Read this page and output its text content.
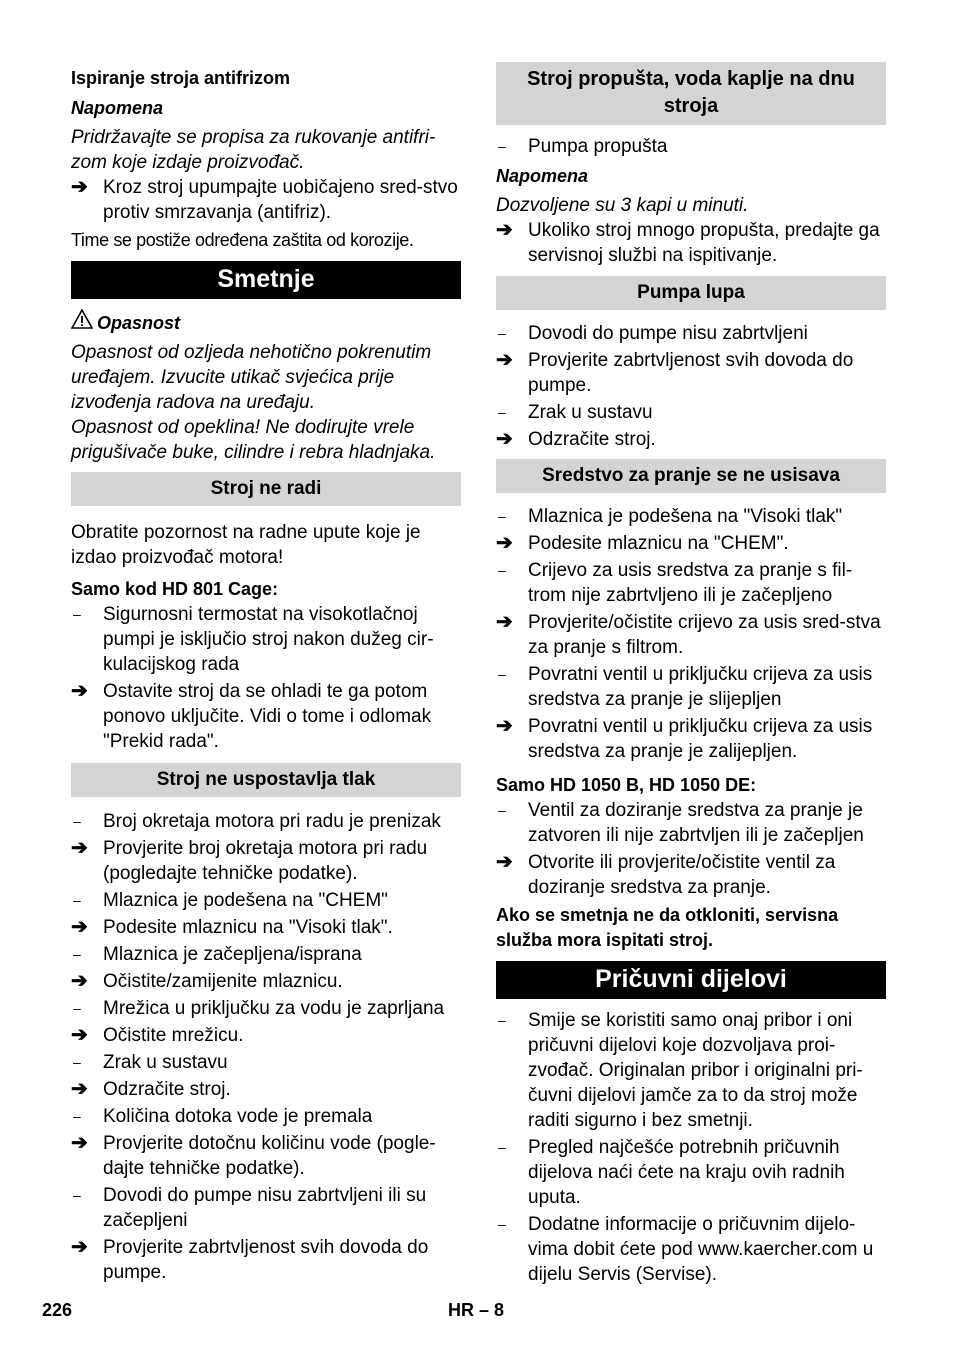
Ispiranje stroja antifrizom

Napomena

Pridržavajte se propisa za rukovanje antifri-zom koje izdaje proizvođač.

➔ Kroz stroj upumpajte uobičajeno sred-stvo protiv smrzavanja (antifriz).

Time se postiže određena zaštita od korozije.

Smetnje

Opasnost

Opasnost od ozljeda nehotično pokrenutim uređajem. Izvucite utikač svjećica prije izvođenja radova na uređaju.

Opasnost od opeklina! Ne dodirujte vrele prigušivače buke, cilindre i rebra hladnjaka.

Stroj ne radi

Obratite pozornost na radne upute koje je izdao proizvođač motora!

Samo kod HD 801 Cage:

–	Sigurnosni termostat na visokotlačnoj pumpi je isključio stroj nakon dužeg cir-kulacijskog rada
➔ Ostavite stroj da se ohladi te ga potom ponovo uključite. Vidi o tome i odlomak "Prekid rada".
Stroj ne uspostavlja tlak
–	Broj okretaja motora pri radu je prenizak
➔ Provjerite broj okretaja motora pri radu (pogledajte tehničke podatke).
–	Mlaznica je podešena na "CHEM"
➔ Podesite mlaznicu na "Visoki tlak".
–	Mlaznica je začepljena/isprana
➔ Očistite/zamijenite mlaznicu.
–	Mrežica u priključku za vodu je zaprljana
➔ Očistite mrežicu.
–	Zrak u sustavu
➔ Odzračite stroj.
–	Količina dotoka vode je premala
➔ Provjerite dotočnu količinu vode (pogle-dajte tehničke podatke).
–	Dovodi do pumpe nisu zabrtvljeni ili su začepljeni
➔ Provjerite zabrtvljenost svih dovoda do pumpe.
Stroj propušta, voda kaplje na dnu stroja
–	Pumpa propušta

Napomena

Dozvoljene su 3 kapi u minuti.

➔ Ukoliko stroj mnogo propušta, predajte ga servisnoj službi na ispitivanje.
Pumpa lupa
–	Dovodi do pumpe nisu zabrtvljeni
➔ Provjerite zabrtvljenost svih dovoda do pumpe.
–	Zrak u sustavu
➔ Odzračite stroj.
Sredstvo za pranje se ne usisava
–	Mlaznica je podešena na "Visoki tlak"
➔ Podesite mlaznicu na "CHEM".
–	Crijevo za usis sredstva za pranje s fil-trom nije zabrtvljeno ili je začepljeno
➔ Provjerite/očistite crijevo za usis sred-stva za pranje s filtrom.
–	Povratni ventil u priključku crijeva za usis sredstva za pranje je slijepljen
➔ Povratni ventil u priključku crijeva za usis sredstva za pranje je zalijepljen.

Samo HD 1050 B, HD 1050 DE:

–	Ventil za doziranje sredstva za pranje je zatvoren ili nije zabrtvljen ili je začepljen
➔ Otvorite ili provjerite/očistite ventil za doziranje sredstva za pranje.

Ako se smetnja ne da otkloniti, servisna služba mora ispitati stroj.

Pričuvni dijelovi
–	Smije se koristiti samo onaj pribor i oni pričuvni dijelovi koje dozvoljava proi-zvođač. Originalan pribor i originalni pri-čuvni dijelovi jamče za to da stroj može raditi sigurno i bez smetnji.
–	Pregled najčešće potrebnih pričuvnih dijelova naći ćete na kraju ovih radnih uputa.
–	Dodatne informacije o pričuvnim dijelo-vima dobit ćete pod www.kaercher.com u dijelu Servis (Servise).
226	HR – 8
